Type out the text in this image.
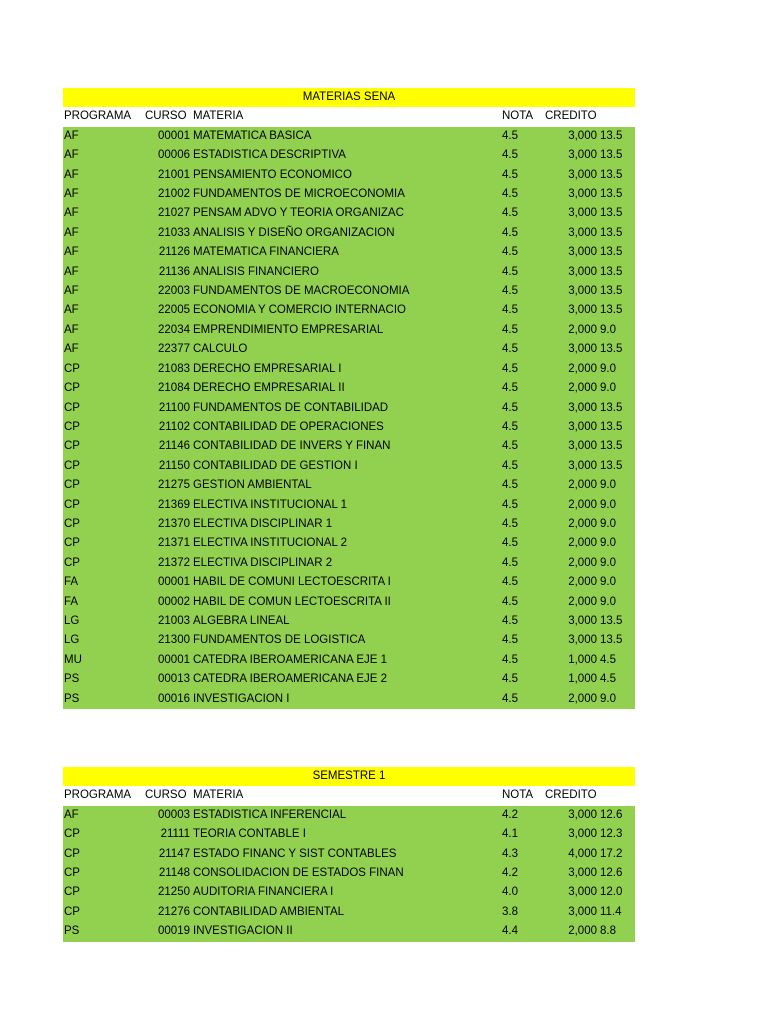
MATERIAS SENA					
PROGRAMA	CURSO	MATERIA	NOTA	CREDITO	
AF	00001	MATEMATICA BASICA	4.5	3,000	13.5
AF	00006	ESTADISTICA DESCRIPTIVA	4.5	3,000	13.5
AF	21001	PENSAMIENTO ECONOMICO	4.5	3,000	13.5
AF	21002	FUNDAMENTOS DE MICROECONOMIA	4.5	3,000	13.5
AF	21027	PENSAM ADVO Y TEORIA ORGANIZAC	4.5	3,000	13.5
AF	21033	ANALISIS Y DISEÑO ORGANIZACION	4.5	3,000	13.5
AF	21126	MATEMATICA FINANCIERA	4.5	3,000	13.5
AF	21136	ANALISIS FINANCIERO	4.5	3,000	13.5
AF	22003	FUNDAMENTOS DE MACROECONOMIA	4.5	3,000	13.5
AF	22005	ECONOMIA Y COMERCIO INTERNACIO	4.5	3,000	13.5
AF	22034	EMPRENDIMIENTO EMPRESARIAL	4.5	2,000	9.0
AF	22377	CALCULO	4.5	3,000	13.5
CP	21083	DERECHO EMPRESARIAL I	4.5	2,000	9.0
CP	21084	DERECHO EMPRESARIAL II	4.5	2,000	9.0
CP	21100	FUNDAMENTOS DE CONTABILIDAD	4.5	3,000	13.5
CP	21102	CONTABILIDAD DE OPERACIONES	4.5	3,000	13.5
CP	21146	CONTABILIDAD DE INVERS Y FINAN	4.5	3,000	13.5
CP	21150	CONTABILIDAD DE GESTION I	4.5	3,000	13.5
CP	21275	GESTION AMBIENTAL	4.5	2,000	9.0
CP	21369	ELECTIVA INSTITUCIONAL 1	4.5	2,000	9.0
CP	21370	ELECTIVA DISCIPLINAR 1	4.5	2,000	9.0
CP	21371	ELECTIVA INSTITUCIONAL 2	4.5	2,000	9.0
CP	21372	ELECTIVA DISCIPLINAR 2	4.5	2,000	9.0
FA	00001	HABIL DE COMUNI LECTOESCRITA I	4.5	2,000	9.0
FA	00002	HABIL DE COMUN LECTOESCRITA II	4.5	2,000	9.0
LG	21003	ALGEBRA LINEAL	4.5	3,000	13.5
LG	21300	FUNDAMENTOS DE LOGISTICA	4.5	3,000	13.5
MU	00001	CATEDRA IBEROAMERICANA EJE 1	4.5	1,000	4.5
PS	00013	CATEDRA IBEROAMERICANA EJE 2	4.5	1,000	4.5
PS	00016	INVESTIGACION I	4.5	2,000	9.0
SEMESTRE 1					
PROGRAMA	CURSO	MATERIA	NOTA	CREDITO	
AF	00003	ESTADISTICA INFERENCIAL	4.2	3,000	12.6
CP	21111	TEORIA CONTABLE I	4.1	3,000	12.3
CP	21147	ESTADO FINANC Y SIST CONTABLES	4.3	4,000	17.2
CP	21148	CONSOLIDACION DE ESTADOS FINAN	4.2	3,000	12.6
CP	21250	AUDITORIA FINANCIERA I	4.0	3,000	12.0
CP	21276	CONTABILIDAD AMBIENTAL	3.8	3,000	11.4
PS	00019	INVESTIGACION II	4.4	2,000	8.8
